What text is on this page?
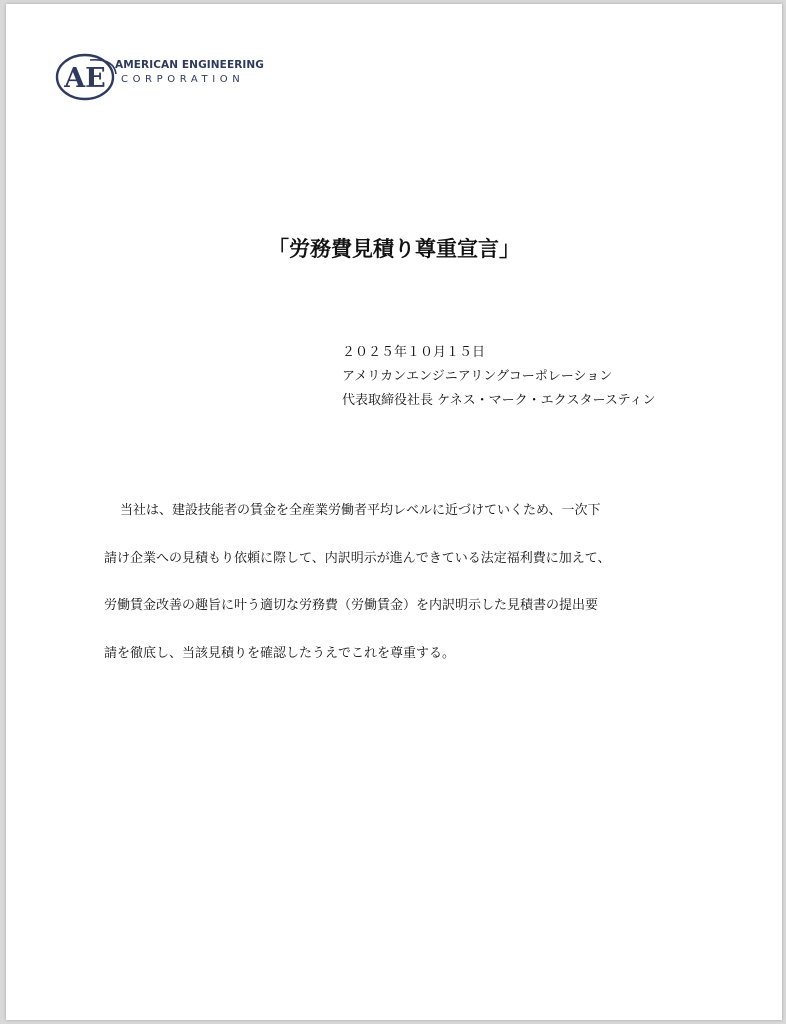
AE AMERICAN ENGINEERING
CORPORATION
「労務費見積り尊重宣言」
２０２５年１０月１５日
アメリカンエンジニアリングコーポレーション
代表取締役社長 ケネス・マーク・エクスタースティン
当社は、建設技能者の賃金を全産業労働者平均レベルに近づけていくため、一次下
請け企業への見積もり依頼に際して、内訳明示が進んできている法定福利費に加えて、
労働賃金改善の趣旨に叶う適切な労務費（労働賃金）を内訳明示した見積書の提出要
請を徹底し、当該見積りを確認したうえでこれを尊重する。
